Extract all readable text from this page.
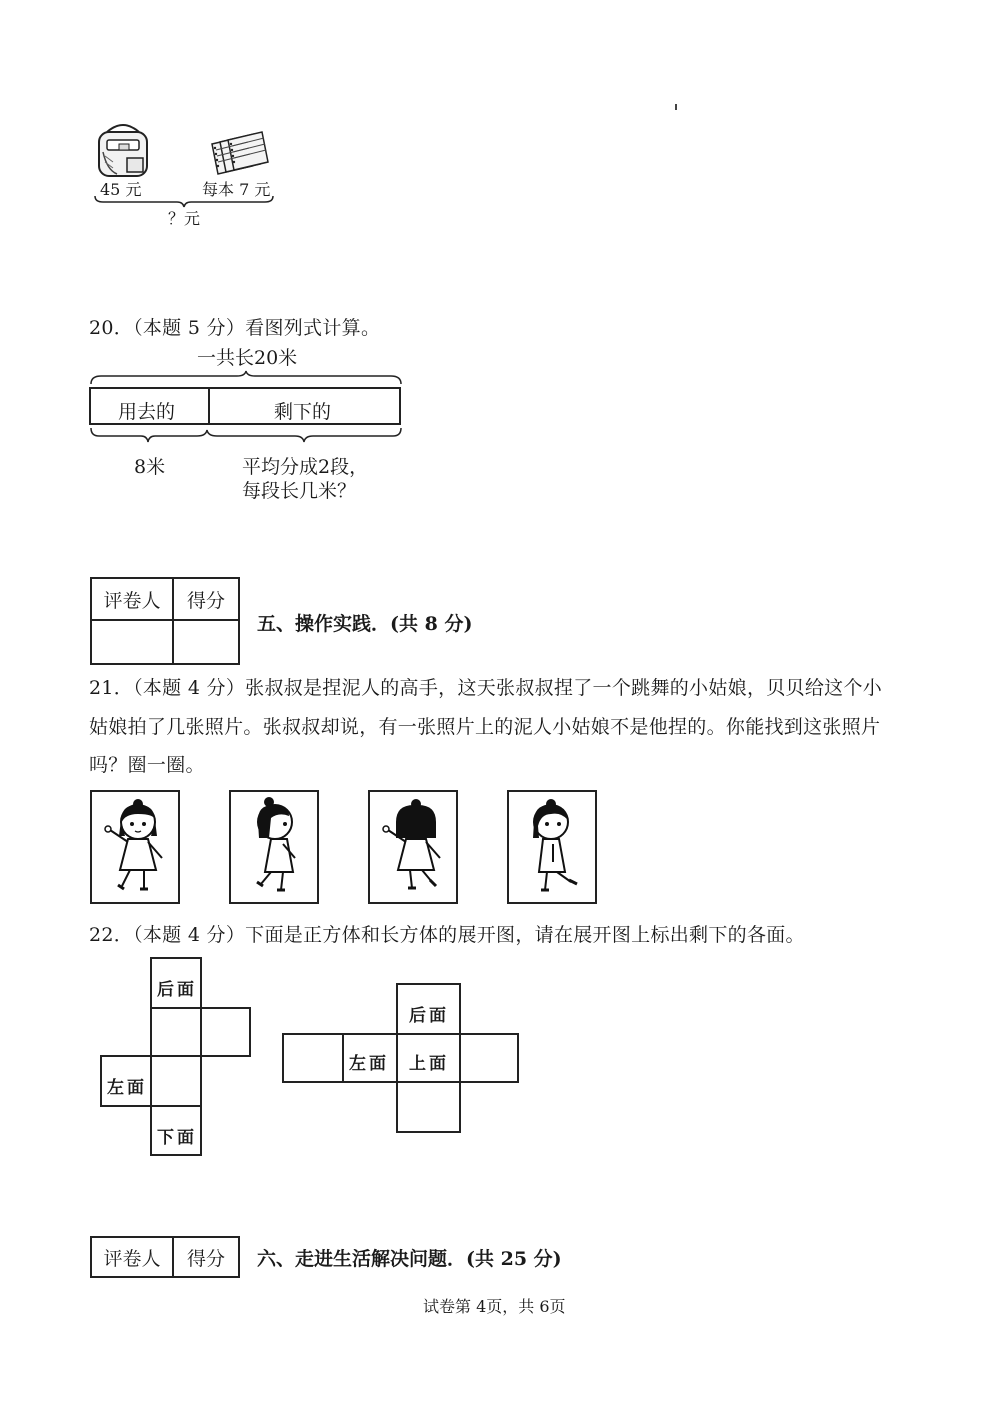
45 元	每本 7 元
？元
20．（本题 5 分）看图列式计算。
一共长20米
用去的	剩下的
8米	平均分成2段，
每段长几米？
评卷人	得分

五、操作实践．(共 8 分)
21．（本题 4 分）张叔叔是捏泥人的高手，这天张叔叔捏了一个跳舞的小姑娘，贝贝给这个小
姑娘拍了几张照片。张叔叔却说，有一张照片上的泥人小姑娘不是他捏的。你能找到这张照片
吗？圈一圈。
22．（本题 4 分）下面是正方体和长方体的展开图，请在展开图上标出剩下的各面。
后面
左面
下面
后面
左面 上面
评卷人	得分 六、走进生活解决问题．(共 25 分)
试卷第 4页，共 6页
